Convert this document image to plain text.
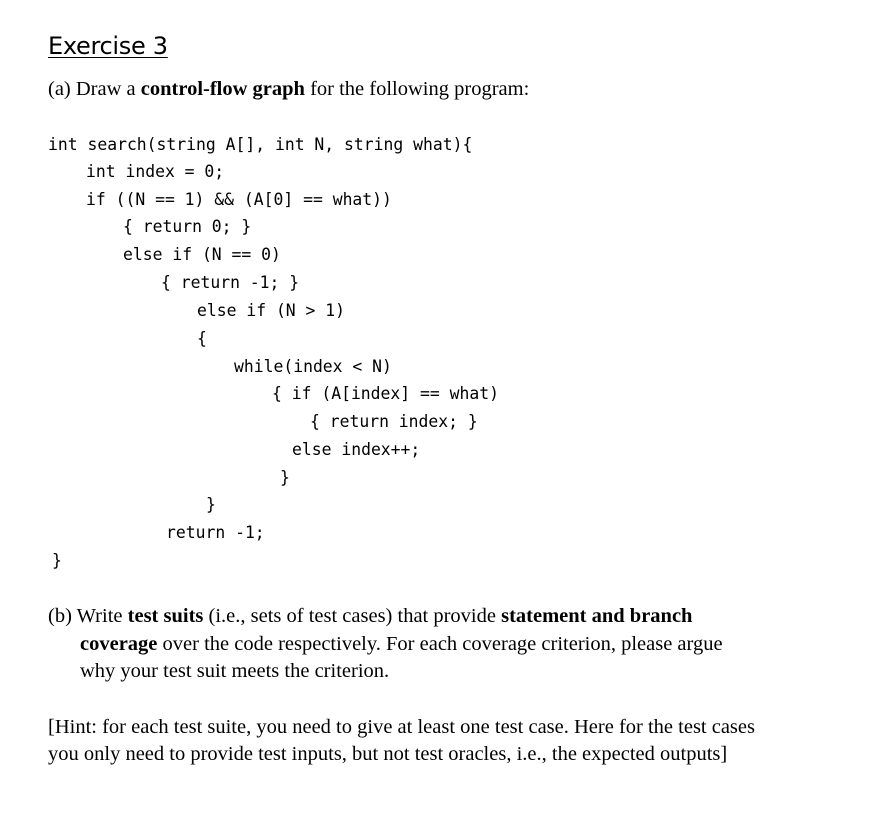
Exercise 3

(a) Draw a control-flow graph for the following program:

int search(string A[], int N, string what){

int index = 0;

if ((N == 1) && (A[0] == what))

{ return 0; }

else if (N == 0)

{ return -1; }

else if (N > 1)

{

while(index < N)

{ if (A[index] == what)

{ return index; }

else index++;

}

}

return -1;

}

(b) Write test suits (i.e., sets of test cases) that provide statement and branch

coverage over the code respectively. For each coverage criterion, please argue

why your test suit meets the criterion.

[Hint: for each test suite, you need to give at least one test case. Here for the test cases

you only need to provide test inputs, but not test oracles, i.e., the expected outputs]
